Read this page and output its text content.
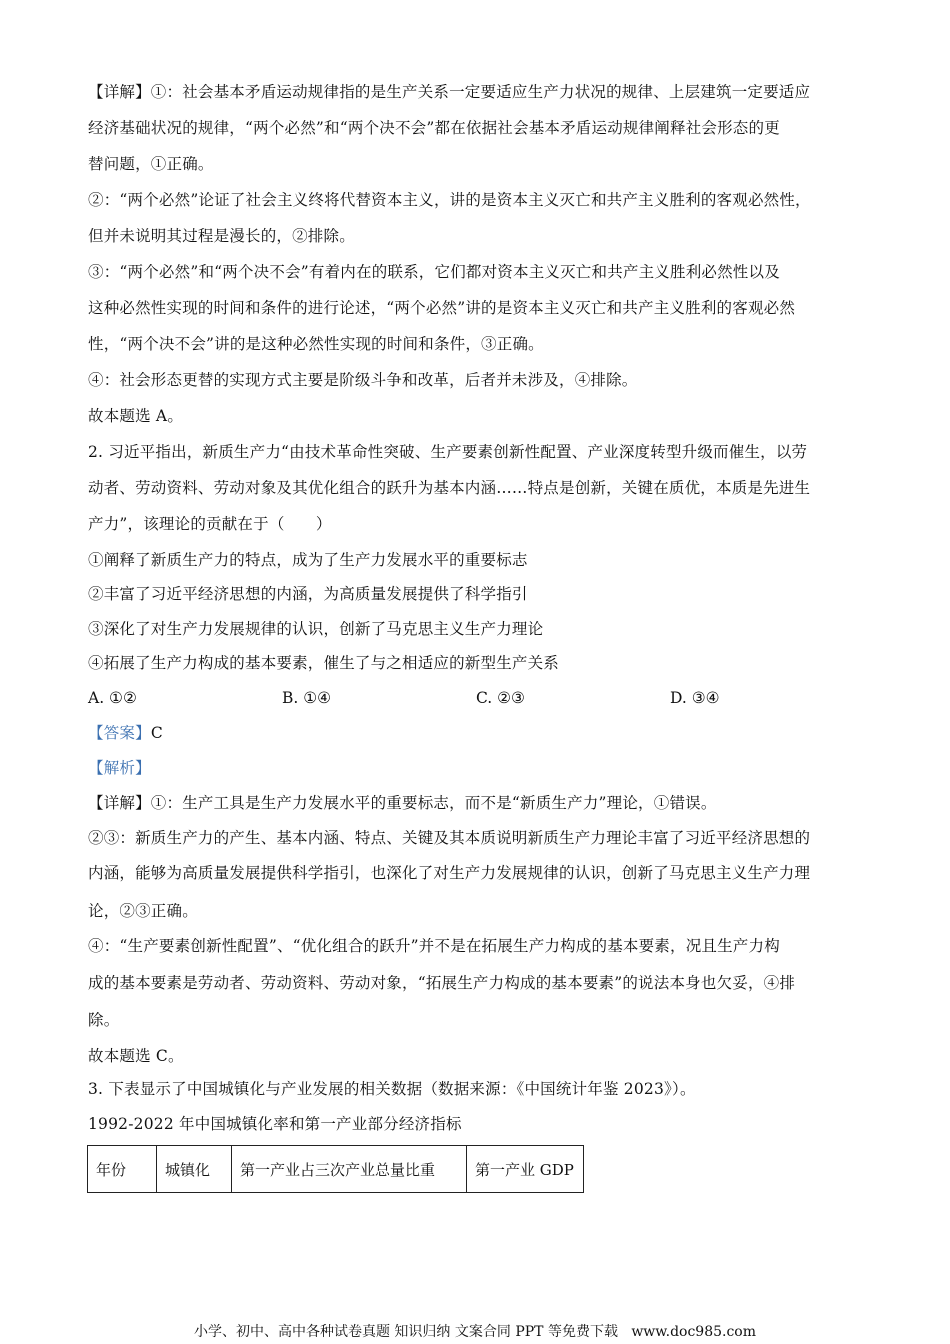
【详解】①：社会基本矛盾运动规律指的是生产关系一定要适应生产力状况的规律、上层建筑一定要适应
经济基础状况的规律，“两个必然”和“两个决不会”都在依据社会基本矛盾运动规律阐释社会形态的更
替问题，①正确。
②：“两个必然”论证了社会主义终将代替资本主义，讲的是资本主义灭亡和共产主义胜利的客观必然性，
但并未说明其过程是漫长的，②排除。
③：“两个必然”和“两个决不会”有着内在的联系，它们都对资本主义灭亡和共产主义胜利必然性以及
这种必然性实现的时间和条件的进行论述，“两个必然”讲的是资本主义灭亡和共产主义胜利的客观必然
性，“两个决不会”讲的是这种必然性实现的时间和条件，③正确。
④：社会形态更替的实现方式主要是阶级斗争和改革，后者并未涉及，④排除。
故本题选 A。
2. 习近平指出，新质生产力“由技术革命性突破、生产要素创新性配置、产业深度转型升级而催生，以劳
动者、劳动资料、劳动对象及其优化组合的跃升为基本内涵……特点是创新，关键在质优，本质是先进生
产力”，该理论的贡献在于（　　）
①阐释了新质生产力的特点，成为了生产力发展水平的重要标志
②丰富了习近平经济思想的内涵，为高质量发展提供了科学指引
③深化了对生产力发展规律的认识，创新了马克思主义生产力理论
④拓展了生产力构成的基本要素，催生了与之相适应的新型生产关系
A. ①②	B. ①④	C. ②③	D. ③④
【答案】C
【解析】
【详解】①：生产工具是生产力发展水平的重要标志，而不是“新质生产力”理论，①错误。
②③：新质生产力的产生、基本内涵、特点、关键及其本质说明新质生产力理论丰富了习近平经济思想的
内涵，能够为高质量发展提供科学指引，也深化了对生产力发展规律的认识，创新了马克思主义生产力理
论，②③正确。
④：“生产要素创新性配置”、“优化组合的跃升”并不是在拓展生产力构成的基本要素，况且生产力构
成的基本要素是劳动者、劳动资料、劳动对象，“拓展生产力构成的基本要素”的说法本身也欠妥，④排
除。
故本题选 C。
3. 下表显示了中国城镇化与产业发展的相关数据（数据来源：《中国统计年鉴 2023》）。
1992-2022 年中国城镇化率和第一产业部分经济指标
年份	城镇化	第一产业占三次产业总量比重	第一产业 GDP
小学、初中、高中各种试卷真题 知识归纳 文案合同 PPT 等免费下载 www.doc985.com
